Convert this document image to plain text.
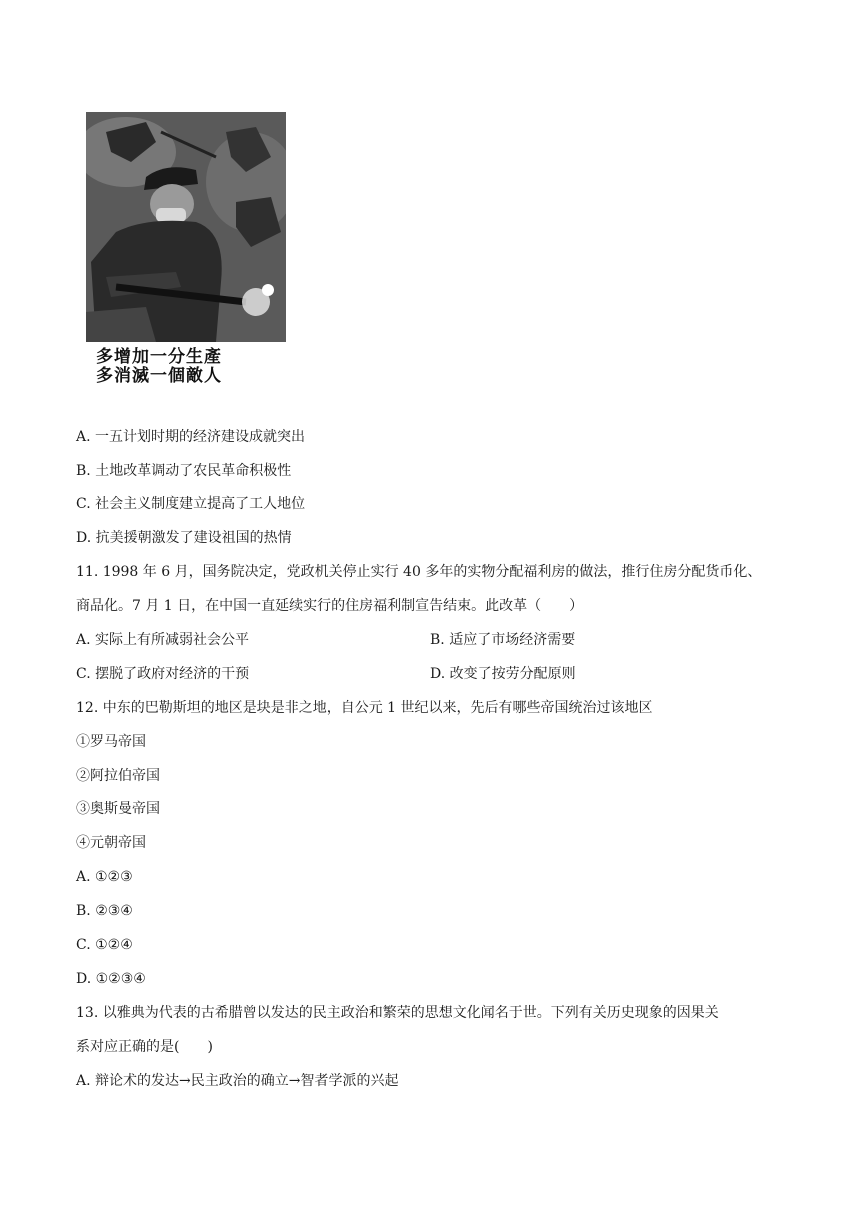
多增加一分生產
多消滅一個敵人
A. 一五计划时期的经济建设成就突出
B. 土地改革调动了农民革命积极性
C. 社会主义制度建立提高了工人地位
D. 抗美援朝激发了建设祖国的热情
11. 1998 年 6 月，国务院决定，党政机关停止实行 40 多年的实物分配福利房的做法，推行住房分配货币化、
商品化。7 月 1 日，在中国一直延续实行的住房福利制宣告结束。此改革（　　）
A. 实际上有所减弱社会公平	B. 适应了市场经济需要
C. 摆脱了政府对经济的干预	D. 改变了按劳分配原则
12. 中东的巴勒斯坦的地区是块是非之地，自公元 1 世纪以来，先后有哪些帝国统治过该地区
①罗马帝国
②阿拉伯帝国
③奥斯曼帝国
④元朝帝国
A. ①②③
B. ②③④
C. ①②④
D. ①②③④
13. 以雅典为代表的古希腊曾以发达的民主政治和繁荣的思想文化闻名于世。下列有关历史现象的因果关
系对应正确的是(　　)
A. 辩论术的发达→民主政治的确立→智者学派的兴起
